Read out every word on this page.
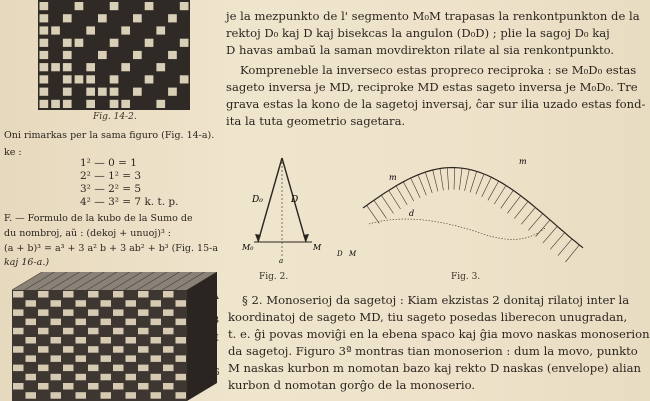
Fig. 14-2.
Oni rimarkas per la sama figuro (Fig. 14-a).
ke :
1² — 0 = 1
2² — 1² = 3
3² — 2² = 5
4² — 3² = 7 k. t. p.
F. — Formulo de la kubo de la Sumo de
du nombroj, aŭ : (dekoj + unuoj)³ :
(a + b)³ = a³ + 3 a² b + 3 ab² + b³ (Fig. 15-a
kaj 16-a.)
A
B
E
G
je la mezpunkto de l' segmento M₀M trapasas la renkontpunkton de la
rektoj D₀ kaj D kaj bisekcas la angulon (D₀D) ; plie la sagoj D₀ kaj
D havas ambaŭ la saman movdirekton rilate al sia renkontpunkto.
Kompreneble la inverseco estas propreco reciproka : se M₀D₀ estas
sageto inversa je MD, reciproke MD estas sageto inversa je M₀D₀. Tre
grava estas la kono de la sagetoj inversaj, ĉar sur ilia uzado estas fond-
ita la tuta geometrio sagetara.
D₀	D
M₀	M
a
Fig. 2.
m
m
d
D M
Fig. 3.
§ 2. Monoserioj da sagetoj : Kiam ekzistas 2 donitaj rilatoj inter la
koordinatoj de sageto MD, tiu sageto posedas liberecon unugradan,
t. e. ĝi povas moviĝi en la ebena spaco kaj ĝia movo naskas monoserion
da sagetoj. Figuro 3ª montras tian monoserion : dum la movo, punkto
M naskas kurbon m nomotan bazo kaj rekto D naskas (envelope) alian
kurbon d nomotan gorĝo de la monoserio.
